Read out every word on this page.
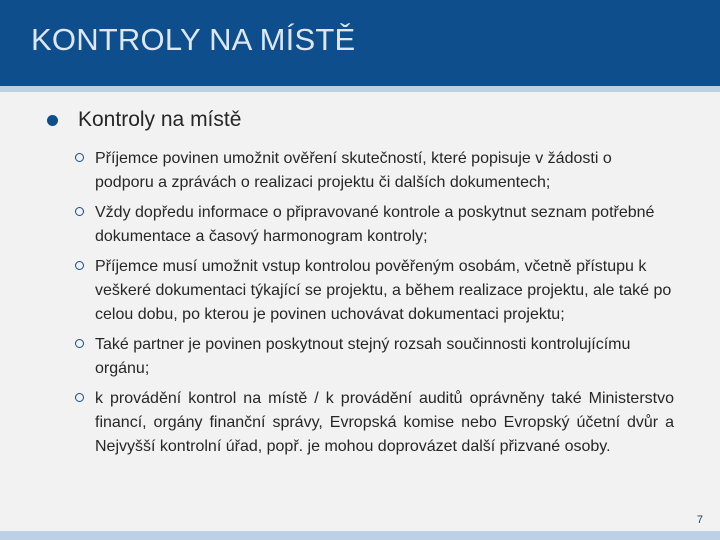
KONTROLY NA MÍSTĚ
Kontroly na místě

Příjemce povinen umožnit ověření skutečností, které popisuje v žádosti o podporu a zprávách o realizaci projektu či dalších dokumentech;

Vždy dopředu informace o připravované kontrole a poskytnut seznam potřebné dokumentace a časový harmonogram kontroly;

Příjemce musí umožnit vstup kontrolou pověřeným osobám, včetně přístupu k veškeré dokumentaci týkající se projektu, a během realizace projektu, ale také po celou dobu, po kterou je povinen uchovávat dokumentaci projektu;

Také partner je povinen poskytnout stejný rozsah součinnosti kontrolujícímu orgánu;

k provádění kontrol na místě / k provádění auditů oprávněny také Ministerstvo financí, orgány finanční správy, Evropská komise nebo Evropský účetní dvůr a Nejvyšší kontrolní úřad, popř. je mohou doprovázet další přizvané osoby.

7
